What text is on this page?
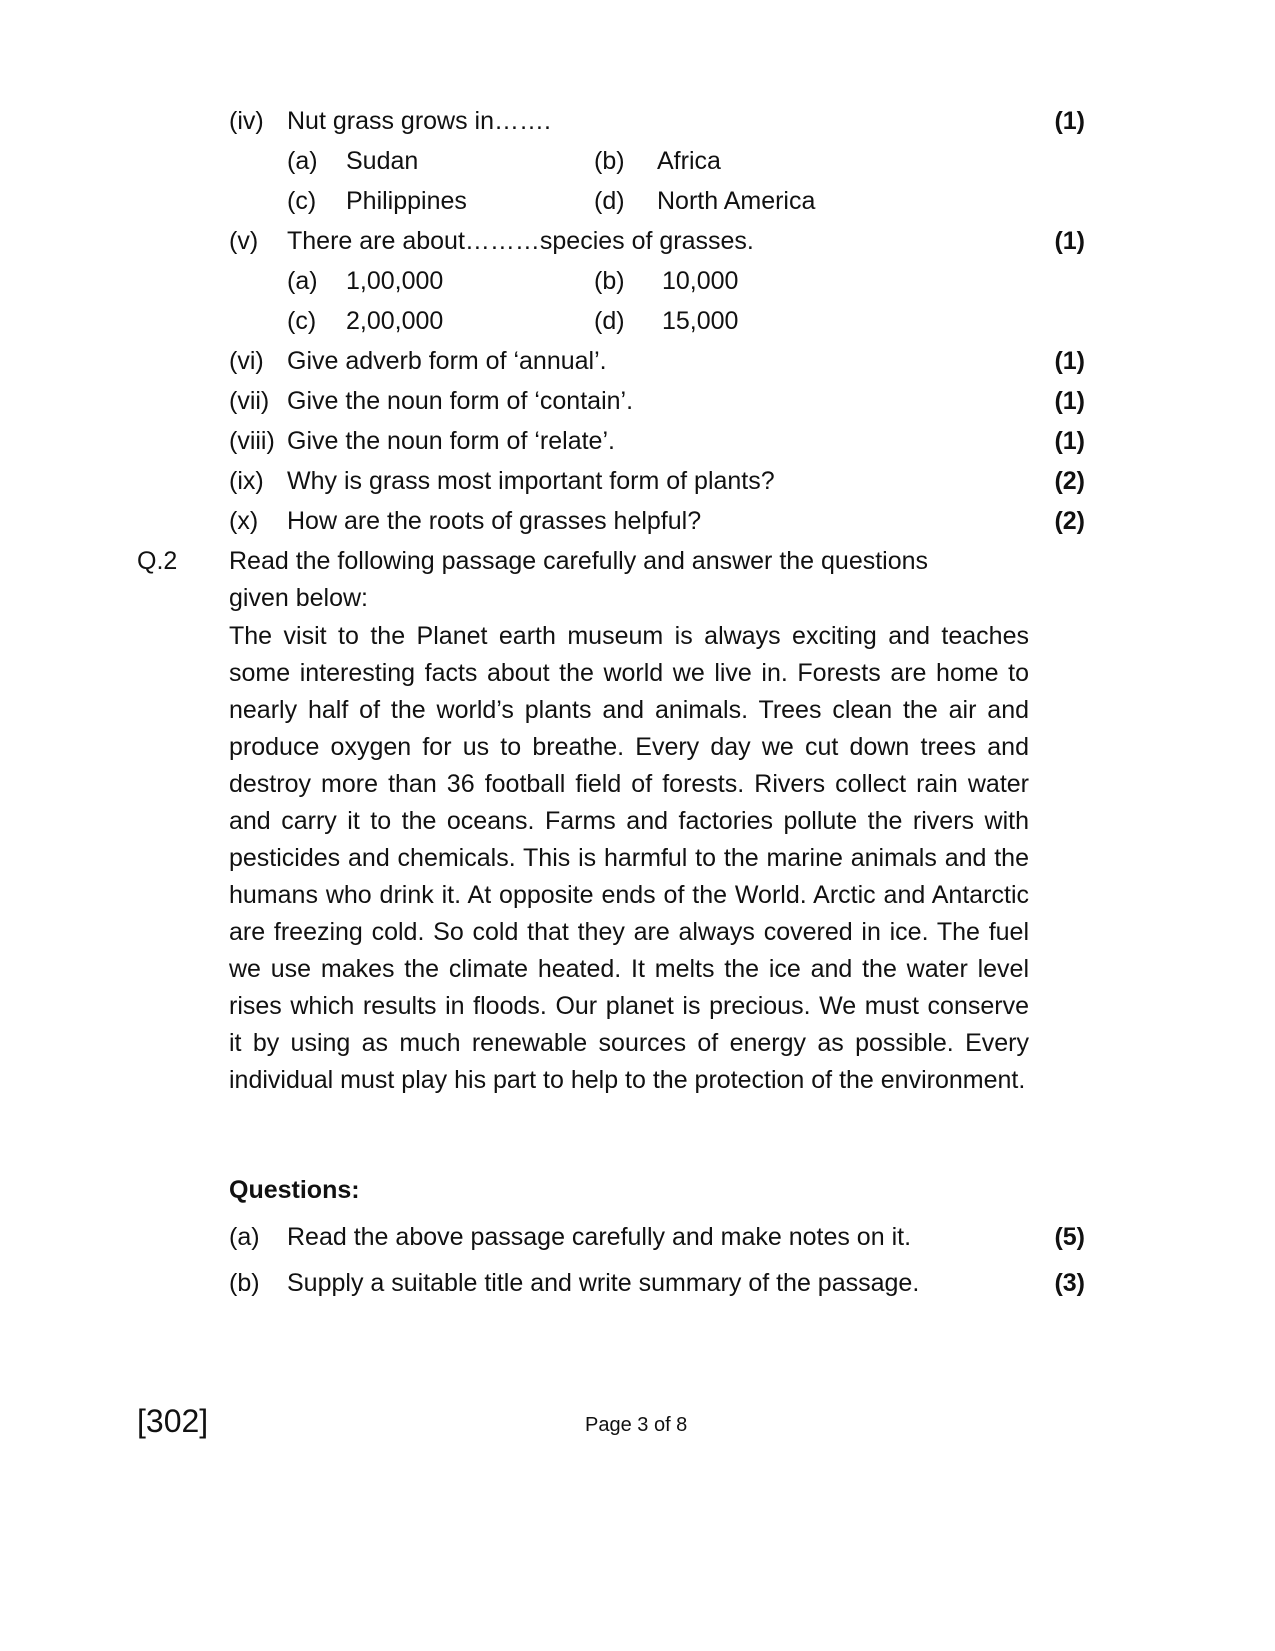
(iv) Nut grass grows in…….	(1)
(a)	Sudan	(b)	Africa
(c)	Philippines	(d)	North America
(v)	There are about………species of grasses.	(1)
(a)	1,00,000	(b)	10,000
(c)	2,00,000	(d)	15,000
(vi) Give adverb form of ‘annual’.	(1)
(vii) Give the noun form of ‘contain’.	(1)
(viii) Give the noun form of ‘relate’.	(1)
(ix) Why is grass most important form of plants?	(2)
(x)	How are the roots of grasses helpful?	(2)
Q.2 Read the following passage carefully and answer the questions
given below:
The visit to the Planet earth museum is always exciting and teaches some interesting facts about the world we live in. Forests are home to nearly half of the world’s plants and animals. Trees clean the air and produce oxygen for us to breathe. Every day we cut down trees and destroy more than 36 football field of forests. Rivers collect rain water and carry it to the oceans. Farms and factories pollute the rivers with pesticides and chemicals. This is harmful to the marine animals and the humans who drink it. At opposite ends of the World. Arctic and Antarctic are freezing cold. So cold that they are always covered in ice. The fuel we use makes the climate heated. It melts the ice and the water level rises which results in floods. Our planet is precious. We must conserve it by using as much renewable sources of energy as possible. Every individual must play his part to help to the protection of the environment.
Questions:
(a)	Read the above passage carefully and make notes on it.	(5)
(b)	Supply a suitable title and write summary of the passage.	(3)
[302]	Page 3 of 8
